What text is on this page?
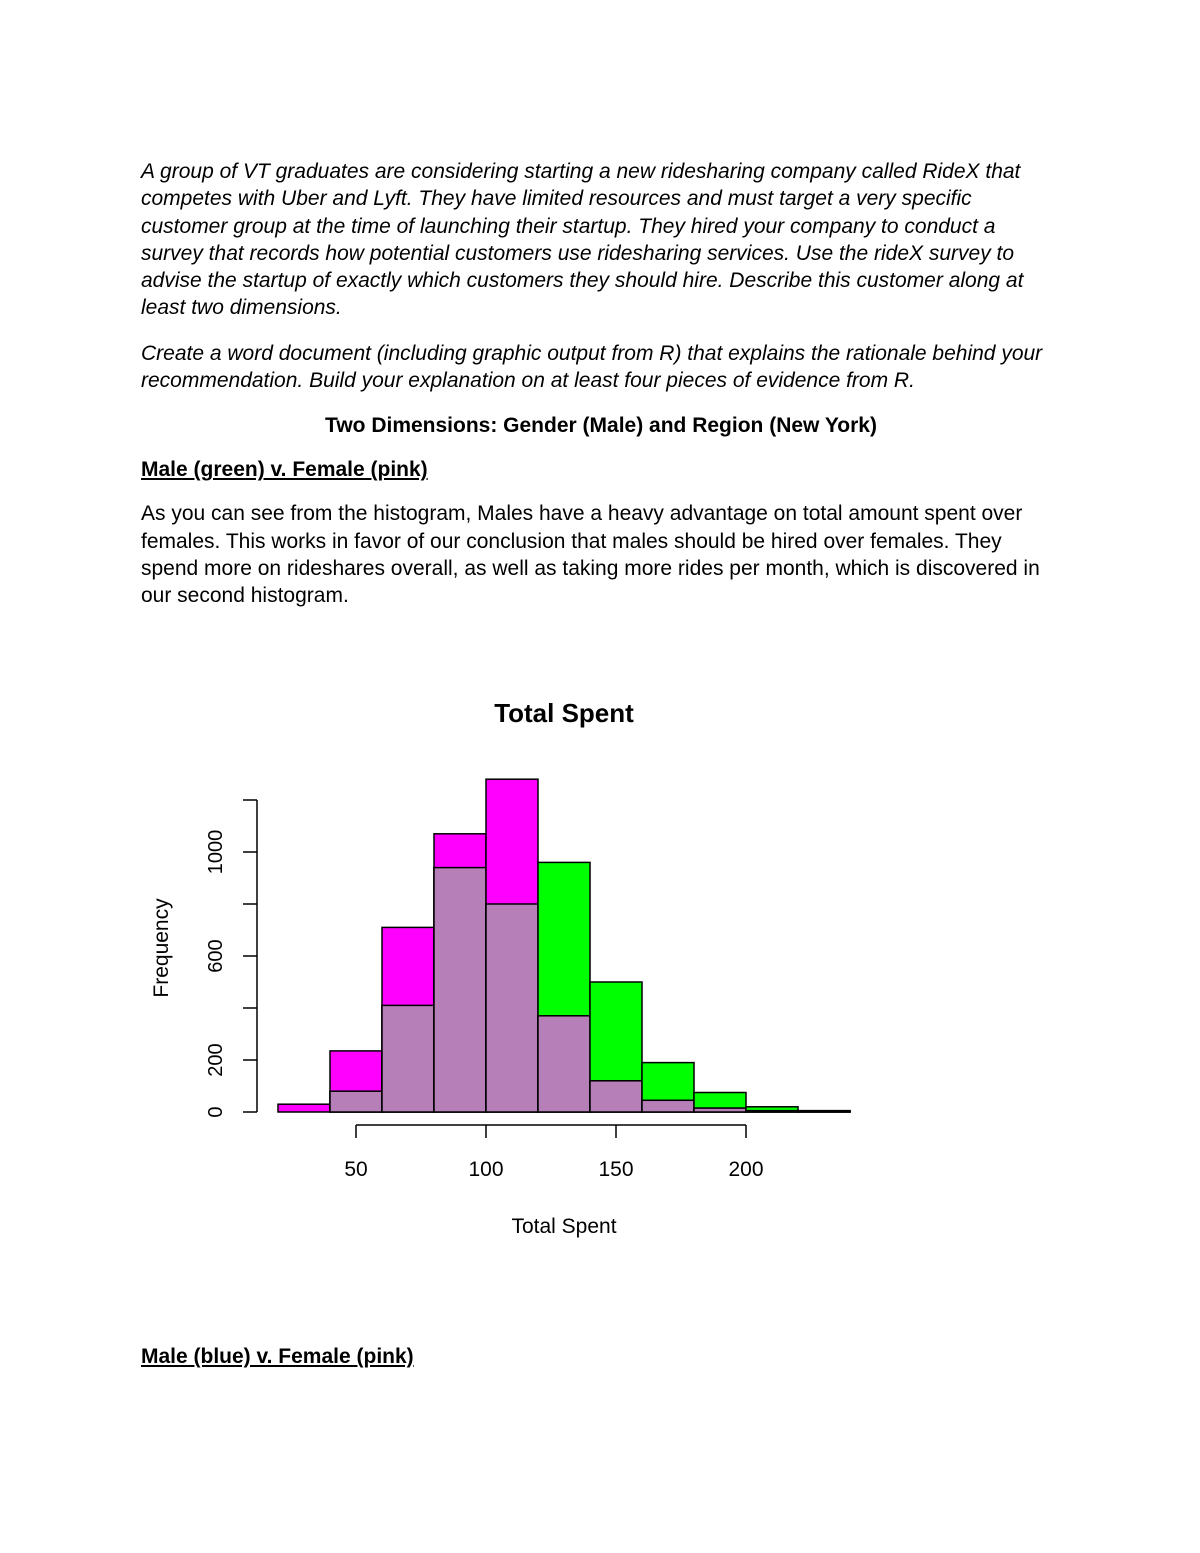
A group of VT graduates are considering starting a new ridesharing company called RideX that competes with Uber and Lyft. They have limited resources and must target a very specific customer group at the time of launching their startup. They hired your company to conduct a survey that records how potential customers use ridesharing services. Use the rideX survey to advise the startup of exactly which customers they should hire. Describe this customer along at least two dimensions.

Create a word document (including graphic output from R) that explains the rationale behind your recommendation. Build your explanation on at least four pieces of evidence from R.

Two Dimensions: Gender (Male) and Region (New York)

Male (green) v. Female (pink)

As you can see from the histogram, Males have a heavy advantage on total amount spent over females. This works in favor of our conclusion that males should be hired over females. They spend more on rideshares overall, as well as taking more rides per month, which is discovered in our second histogram.

Total Spent
Total Spent
Frequency
0
200
600
1000
50	100	150	200

Male (blue) v. Female (pink)
